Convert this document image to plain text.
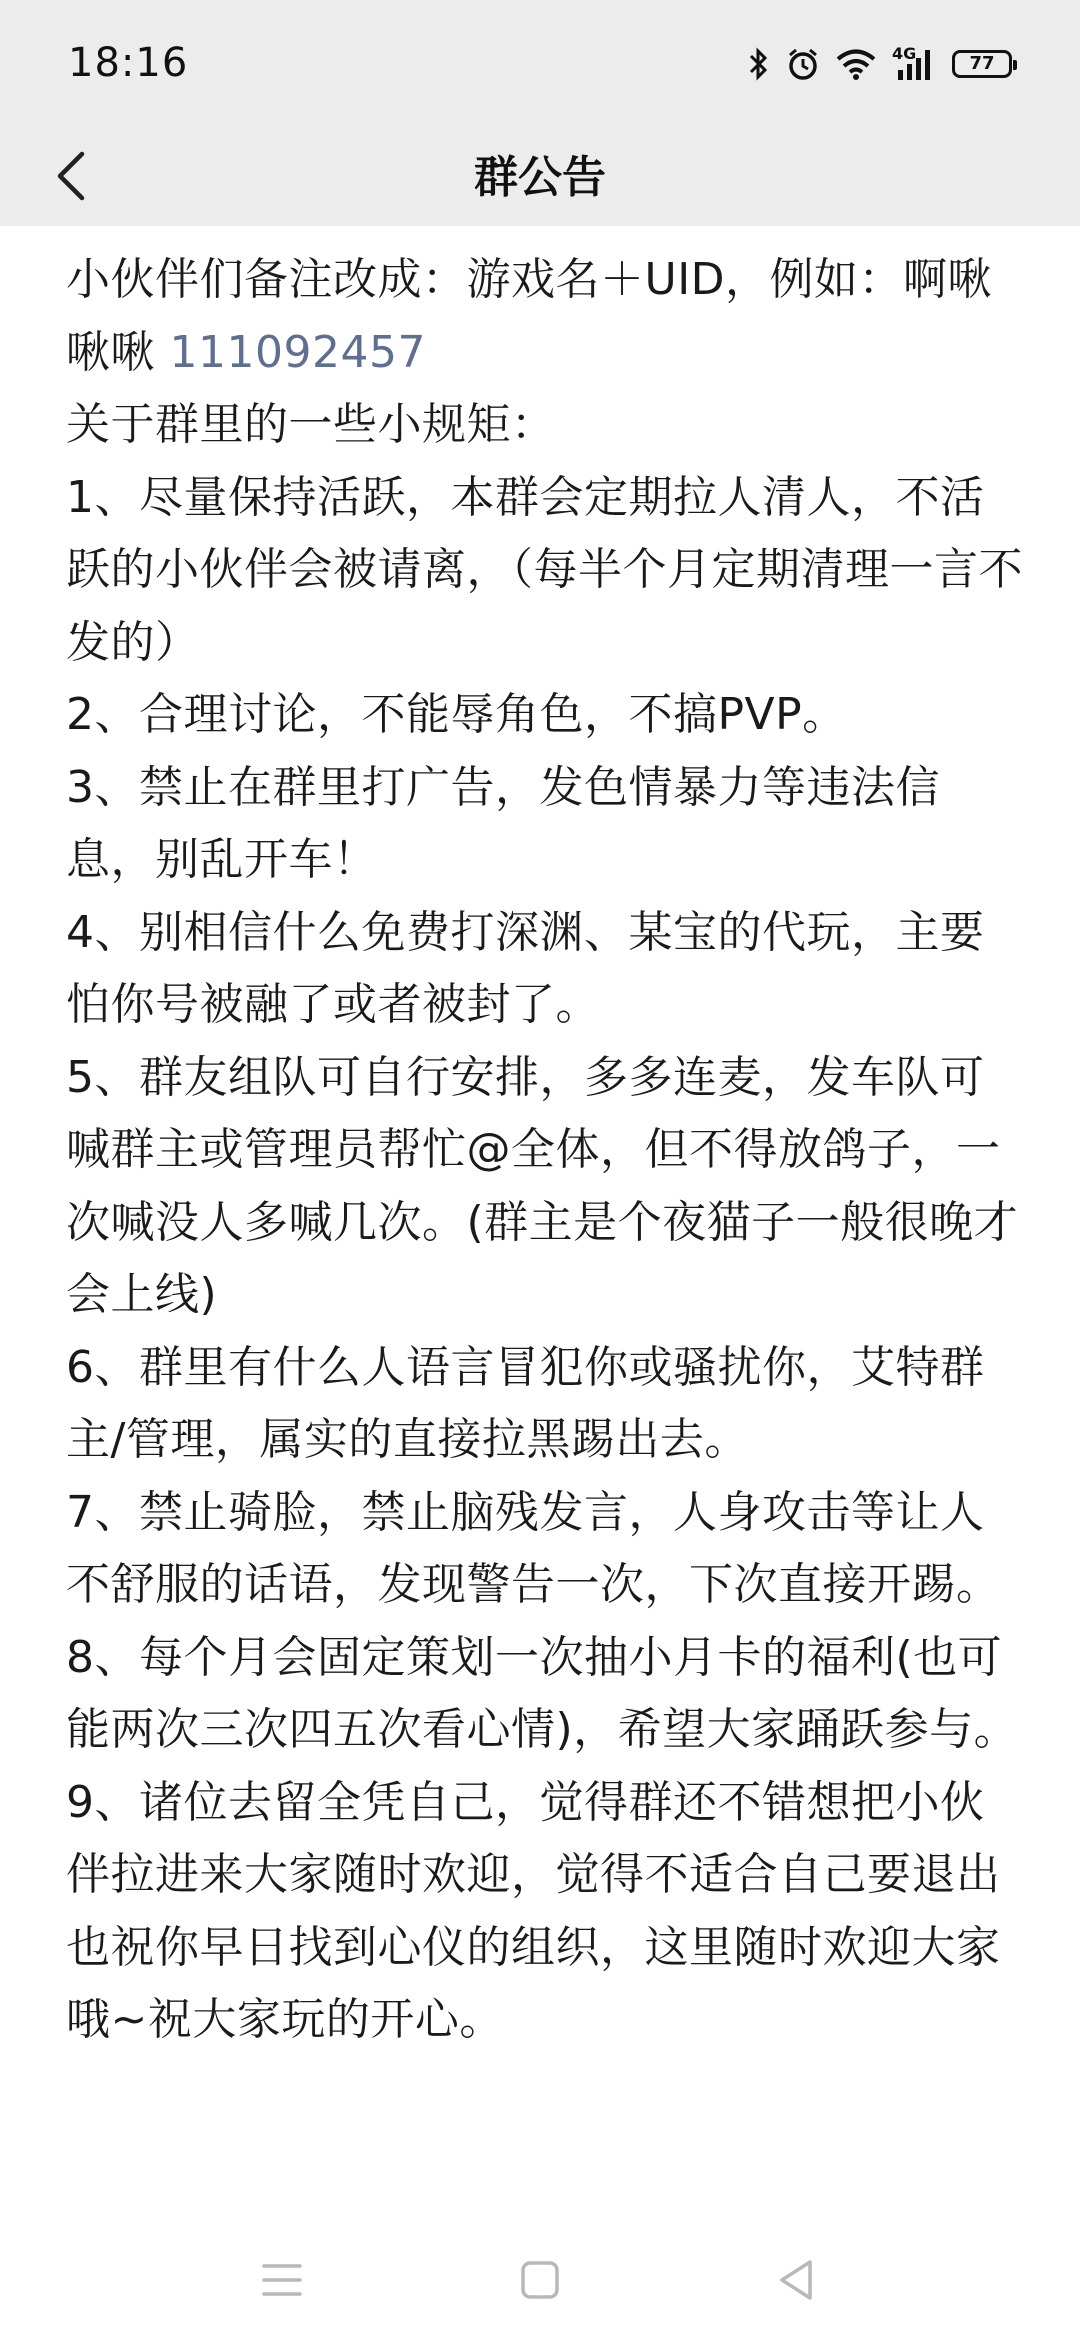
18:16	4G	77
群公告

小伙伴们备注改成：游戏名＋UID，例如：啊啾啾啾 111092457

关于群里的一些小规矩：

1、尽量保持活跃，本群会定期拉人清人，不活跃的小伙伴会被请离，（每半个月定期清理一言不发的）

2、合理讨论，不能辱角色，不搞PVP。

3、禁止在群里打广告，发色情暴力等违法信息，别乱开车！

4、别相信什么免费打深渊、某宝的代玩，主要怕你号被融了或者被封了。

5、群友组队可自行安排，多多连麦，发车队可喊群主或管理员帮忙@全体，但不得放鸽子，一次喊没人多喊几次。(群主是个夜猫子一般很晚才会上线)

6、群里有什么人语言冒犯你或骚扰你，艾特群主/管理，属实的直接拉黑踢出去。

7、禁止骑脸，禁止脑残发言，人身攻击等让人不舒服的话语，发现警告一次，下次直接开踢。

8、每个月会固定策划一次抽小月卡的福利(也可能两次三次四五次看心情)，希望大家踊跃参与。

9、诸位去留全凭自己，觉得群还不错想把小伙伴拉进来大家随时欢迎，觉得不适合自己要退出也祝你早日找到心仪的组织，这里随时欢迎大家哦~祝大家玩的开心。
